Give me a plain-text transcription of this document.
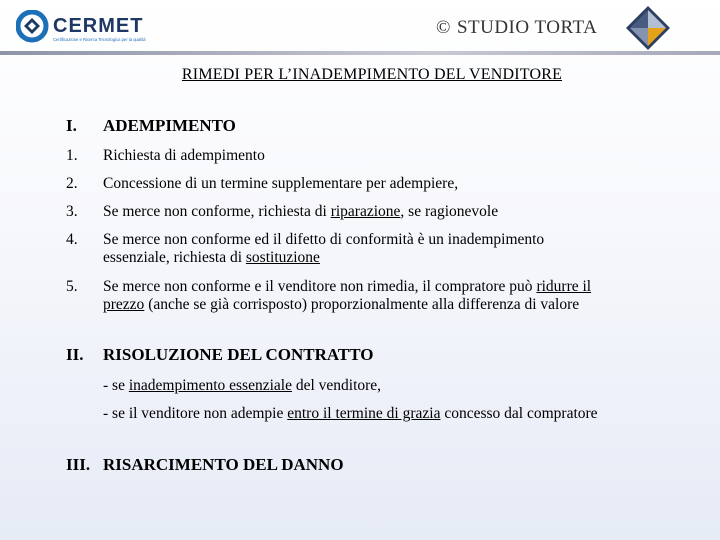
CERMET
Certificazione e Ricerca Tecnologica per la qualità
© STUDIO TORTA
RIMEDI PER L’INADEMPIMENTO DEL VENDITORE
I. ADEMPIMENTO
1. Richiesta di adempimento
2. Concessione di un termine supplementare per adempiere,
3. Se merce non conforme, richiesta di riparazione, se ragionevole
4. Se merce non conforme ed il difetto di conformità è un inadempimento
essenziale, richiesta di sostituzione
5. Se merce non conforme e il venditore non rimedia, il compratore può ridurre il
prezzo (anche se già corrisposto) proporzionalmente alla differenza di valore
II. RISOLUZIONE DEL CONTRATTO
- se inadempimento essenziale del venditore,
- se il venditore non adempie entro il termine di grazia concesso dal compratore
III. RISARCIMENTO DEL DANNO
